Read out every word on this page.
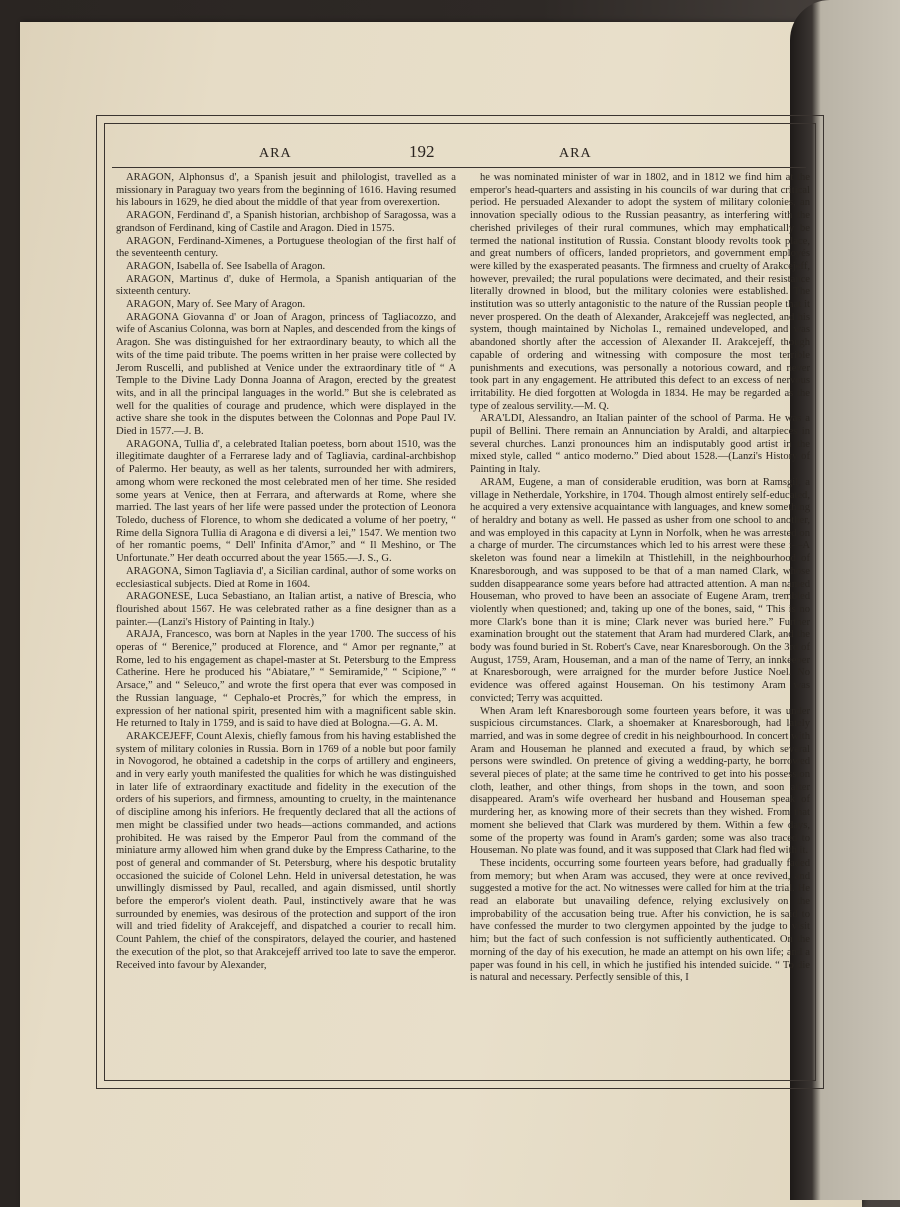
ARA	192	ARA

ARAGON, Alphonsus d', a Spanish jesuit and philologist, travelled as a missionary in Paraguay two years from the beginning of 1616. Having resumed his labours in 1629, he died about the middle of that year from overexertion.

ARAGON, Ferdinand d', a Spanish historian, archbishop of Saragossa, was a grandson of Ferdinand, king of Castile and Aragon. Died in 1575.

ARAGON, Ferdinand-Ximenes, a Portuguese theologian of the first half of the seventeenth century.

ARAGON, Isabella of. See Isabella of Aragon.

ARAGON, Martinus d', duke of Hermola, a Spanish antiquarian of the sixteenth century.

ARAGON, Mary of. See Mary of Aragon.

ARAGONA Giovanna d' or Joan of Aragon, princess of Tagliacozzo, and wife of Ascanius Colonna, was born at Naples, and descended from the kings of Aragon. She was distinguished for her extraordinary beauty, to which all the wits of the time paid tribute. The poems written in her praise were collected by Jerom Ruscelli, and published at Venice under the extraordinary title of “ A Temple to the Divine Lady Donna Joanna of Aragon, erected by the greatest wits, and in all the principal languages in the world.” But she is celebrated as well for the qualities of courage and prudence, which were displayed in the active share she took in the disputes between the Colonnas and Pope Paul IV. Died in 1577.—J. B.

ARAGONA, Tullia d', a celebrated Italian poetess, born about 1510, was the illegitimate daughter of a Ferrarese lady and of Tagliavia, cardinal-archbishop of Palermo. Her beauty, as well as her talents, surrounded her with admirers, among whom were reckoned the most celebrated men of her time. She resided some years at Venice, then at Ferrara, and afterwards at Rome, where she married. The last years of her life were passed under the protection of Leonora Toledo, duchess of Florence, to whom she dedicated a volume of her poetry, “ Rime della Signora Tullia di Aragona e di diversi a lei,” 1547. We mention two of her romantic poems, “ Dell' Infinita d'Amor,” and “ Il Meshino, or The Unfortunate.” Her death occurred about the year 1565.—J. S., G.

ARAGONA, Simon Tagliavia d', a Sicilian cardinal, author of some works on ecclesiastical subjects. Died at Rome in 1604.

ARAGONESE, Luca Sebastiano, an Italian artist, a native of Brescia, who flourished about 1567. He was celebrated rather as a fine designer than as a painter.—(Lanzi's History of Painting in Italy.)

ARAJA, Francesco, was born at Naples in the year 1700. The success of his operas of “ Berenice,” produced at Florence, and “ Amor per regnante,” at Rome, led to his engagement as chapel-master at St. Petersburg to the Empress Catherine. Here he produced his “Abiatare,” “ Semiramide,” “ Scipione,” “ Arsace,” and “ Seleuco,” and wrote the first opera that ever was composed in the Russian language, “ Cephalo-et Procrès,” for which the empress, in expression of her national spirit, presented him with a magnificent sable skin. He returned to Italy in 1759, and is said to have died at Bologna.—G. A. M.

ARAKCEJEFF, Count Alexis, chiefly famous from his having established the system of military colonies in Russia. Born in 1769 of a noble but poor family in Novogorod, he obtained a cadetship in the corps of artillery and engineers, and in very early youth manifested the qualities for which he was distinguished in later life of extraordinary exactitude and fidelity in the execution of the orders of his superiors, and firmness, amounting to cruelty, in the maintenance of discipline among his inferiors. He frequently declared that all the actions of men might be classified under two heads—actions commanded, and actions prohibited. He was raised by the Emperor Paul from the command of the miniature army allowed him when grand duke by the Empress Catharine, to the post of general and commander of St. Petersburg, where his despotic brutality occasioned the suicide of Colonel Lehn. Held in universal detestation, he was unwillingly dismissed by Paul, recalled, and again dismissed, until shortly before the emperor's violent death. Paul, instinctively aware that he was surrounded by enemies, was desirous of the protection and support of the iron will and tried fidelity of Arakcejeff, and dispatched a courier to recall him. Count Pahlem, the chief of the conspirators, delayed the courier, and hastened the execution of the plot, so that Arakcejeff arrived too late to save the emperor. Received into favour by Alexander,

he was nominated minister of war in 1802, and in 1812 we find him at the emperor's head-quarters and assisting in his councils of war during that critical period. He persuaded Alexander to adopt the system of military colonies, an innovation specially odious to the Russian peasantry, as interfering with the cherished privileges of their rural communes, which may emphatically be termed the national institution of Russia. Constant bloody revolts took place, and great numbers of officers, landed proprietors, and government employés were killed by the exasperated peasants. The firmness and cruelty of Arakcejeff, however, prevailed; the rural populations were decimated, and their resistance literally drowned in blood, but the military colonies were established. The institution was so utterly antagonistic to the nature of the Russian people that it never prospered. On the death of Alexander, Arakcejeff was neglected, and his system, though maintained by Nicholas I., remained undeveloped, and was abandoned shortly after the accession of Alexander II. Arakcejeff, though capable of ordering and witnessing with composure the most terrible punishments and executions, was personally a notorious coward, and never took part in any engagement. He attributed this defect to an excess of nervous irritability. He died forgotten at Wologda in 1834. He may be regarded as the type of zealous servility.—M. Q.

ARA'LDI, Alessandro, an Italian painter of the school of Parma. He was a pupil of Bellini. There remain an Annunciation by Araldi, and altarpieces in several churches. Lanzi pronounces him an indisputably good artist in the mixed style, called “ antico moderno.” Died about 1528.—(Lanzi's History of Painting in Italy.

ARAM, Eugene, a man of considerable erudition, was born at Ramsgil, a village in Netherdale, Yorkshire, in 1704. Though almost entirely self-educated, he acquired a very extensive acquaintance with languages, and knew something of heraldry and botany as well. He passed as usher from one school to another, and was employed in this capacity at Lynn in Norfolk, when he was arrested on a charge of murder. The circumstances which led to his arrest were these :—A skeleton was found near a limekiln at Thistlehill, in the neighbourhood of Knaresborough, and was supposed to be that of a man named Clark, whose sudden disappearance some years before had attracted attention. A man named Houseman, who proved to have been an associate of Eugene Aram, trembled violently when questioned; and, taking up one of the bones, said, “ This is no more Clark's bone than it is mine; Clark never was buried here.” Further examination brought out the statement that Aram had murdered Clark, and the body was found buried in St. Robert's Cave, near Knaresborough. On the 3rd of August, 1759, Aram, Houseman, and a man of the name of Terry, an innkeeper at Knaresborough, were arraigned for the murder before Justice Noel. No evidence was offered against Houseman. On his testimony Aram was convicted; Terry was acquitted.

When Aram left Knaresborough some fourteen years before, it was under suspicious circumstances. Clark, a shoemaker at Knaresborough, had lately married, and was in some degree of credit in his neighbourhood. In concert with Aram and Houseman he planned and executed a fraud, by which several persons were swindled. On pretence of giving a wedding-party, he borrowed several pieces of plate; at the same time he contrived to get into his possession cloth, leather, and other things, from shops in the town, and soon after disappeared. Aram's wife overheard her husband and Houseman speak of murdering her, as knowing more of their secrets than they wished. From that moment she believed that Clark was murdered by them. Within a few days, some of the property was found in Aram's garden; some was also traced to Houseman. No plate was found, and it was supposed that Clark had fled with it.

These incidents, occurring some fourteen years before, had gradually faded from memory; but when Aram was accused, they were at once revived, and suggested a motive for the act. No witnesses were called for him at the trial. He read an elaborate but unavailing defence, relying exclusively on the improbability of the accusation being true. After his conviction, he is said to have confessed the murder to two clergymen appointed by the judge to visit him; but the fact of such confession is not sufficiently authenticated. On the morning of the day of his execution, he made an attempt on his own life; and a paper was found in his cell, in which he justified his intended suicide. “ To die is natural and necessary. Perfectly sensible of this, I
